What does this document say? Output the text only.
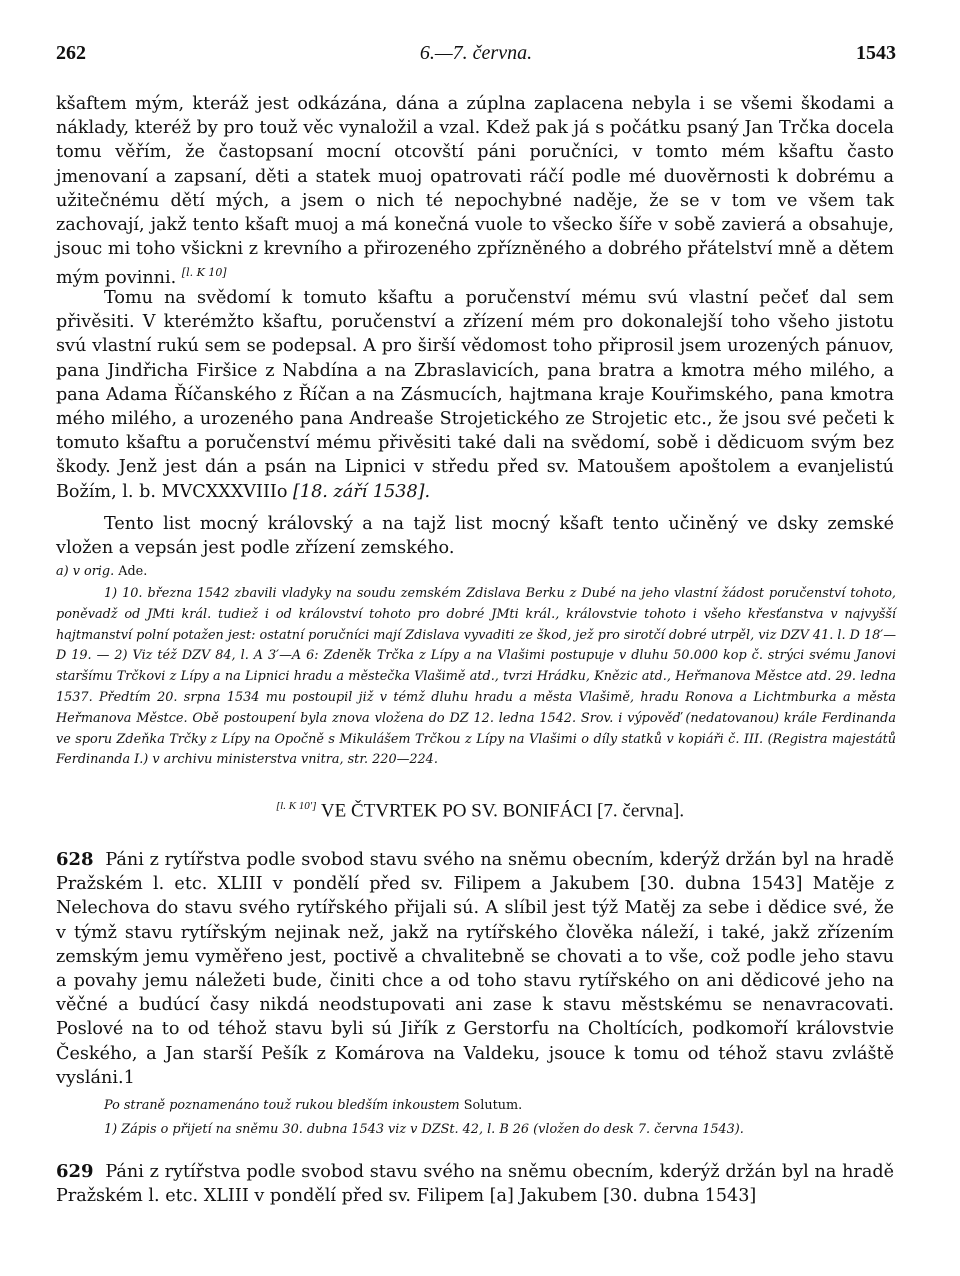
262	6.—7. června.	1543

kšaftem mým, kteráž jest odkázána, dána a zúplna zaplacena nebyla i se všemi škodami a náklady, kteréž by pro touž věc vynaložil a vzal. Kdež pak já s počátku psaný Jan Trčka docela tomu věřím, že častopsaní mocní otcovští páni poručníci, v tomto mém kšaftu často jmenovaní a zapsaní, děti a statek muoj opatrovati ráčí podle mé duověrnosti k dobrému a užitečnému dětí mých, a jsem o nich té nepochybné naděje, že se v tom ve všem tak zachovají, jakž tento kšaft muoj a má konečná vuole to všecko šíře v sobě zavierá a obsahuje, jsouc mi toho všickni z krevního a přirozeného zpřízněného a dobrého přátelství mně a dětem mým povinni. [l. K 10]

Tomu na svědomí k tomuto kšaftu a poručenství mému svú vlastní pečeť dal sem přivěsiti. V kterémžto kšaftu, poručenství a zřízení mém pro dokonalejší toho všeho jistotu svú vlastní rukú sem se podepsal. A pro širší vědomost toho připrosil jsem urozených pánuov, pana Jindřicha Firšice z Nabdína a na Zbraslavicích, pana bratra a kmotra mého milého, a pana Adama Říčanského z Říčan a na Zásmucích, hajtmana kraje Kouřimského, pana kmotra mého milého, a urozeného pana Andreaše Strojetického ze Strojetic etc., že jsou své pečeti k tomuto kšaftu a poručenství mému přivěsiti také dali na svědomí, sobě i dědicuom svým bez škody. Jenž jest dán a psán na Lipnici v středu před sv. Matoušem apoštolem a evanjelistú Božím, l. b. MVCXXXVIIIo [18. září 1538].

Tento list mocný královský a na tajž list mocný kšaft tento učiněný ve dsky zemské vložen a vepsán jest podle zřízení zemského.

a) v orig. Ade.

1) 10. března 1542 zbavili vladyky na soudu zemském Zdislava Berku z Dubé na jeho vlastní žádost poručenství tohoto, poněvadž od JMti král. tudiež i od království tohoto pro dobré JMti král., královstvie tohoto i všeho křesťanstva v najvyšší hajtmanství polní potažen jest: ostatní poručníci mají Zdislava vyvaditi ze škod, jež pro sirotčí dobré utrpěl, viz DZV 41. l. D 18′—D 19. — 2) Viz též DZV 84, l. A 3′—A 6: Zdeněk Trčka z Lípy a na Vlašimi postupuje v dluhu 50.000 kop č. strýci svému Janovi staršímu Trčkovi z Lípy a na Lipnici hradu a městečka Vlašimě atd., tvrzi Hrádku, Knězic atd., Heřmanova Městce atd. 29. ledna 1537. Předtím 20. srpna 1534 mu postoupil již v témž dluhu hradu a města Vlašimě, hradu Ronova a Lichtmburka a města Heřmanova Městce. Obě postoupení byla znova vložena do DZ 12. ledna 1542. Srov. i výpověď (nedatovanou) krále Ferdinanda ve sporu Zdeňka Trčky z Lípy na Opočně s Mikulášem Trčkou z Lípy na Vlašimi o díly statků v kopiáři č. III. (Registra majestátů Ferdinanda I.) v archivu ministerstva vnitra, str. 220—224.

[l. K 10′] VE ČTVRTEK PO SV. BONIFÁCI [7. června].

628 Páni z rytířstva podle svobod stavu svého na sněmu obecním, kderýž držán byl na hradě Pražském l. etc. XLIII v pondělí před sv. Filipem a Jakubem [30. dubna 1543] Matěje z Nelechova do stavu svého rytířského přijali sú. A slíbil jest týž Matěj za sebe i dědice své, že v týmž stavu rytířským nejinak než, jakž na rytířského člověka náleží, i také, jakž zřízením zemským jemu vyměřeno jest, poctivě a chvalitebně se chovati a to vše, což podle jeho stavu a povahy jemu náležeti bude, činiti chce a od toho stavu rytířského on ani dědicové jeho na věčné a budúcí časy nikdá neodstupovati ani zase k stavu městskému se nenavracovati. Poslové na to od téhož stavu byli sú Jiřík z Gerstorfu na Choltících, podkomoří královstvie Českého, a Jan starší Pešík z Komárova na Valdeku, jsouce k tomu od téhož stavu zvláště vysláni.1

Po straně poznamenáno touž rukou bledším inkoustem Solutum.

1) Zápis o přijetí na sněmu 30. dubna 1543 viz v DZSt. 42, l. B 26 (vložen do desk 7. června 1543).

629 Páni z rytířstva podle svobod stavu svého na sněmu obecním, kderýž držán byl na hradě Pražském l. etc. XLIII v pondělí před sv. Filipem [a] Jakubem [30. dubna 1543]
